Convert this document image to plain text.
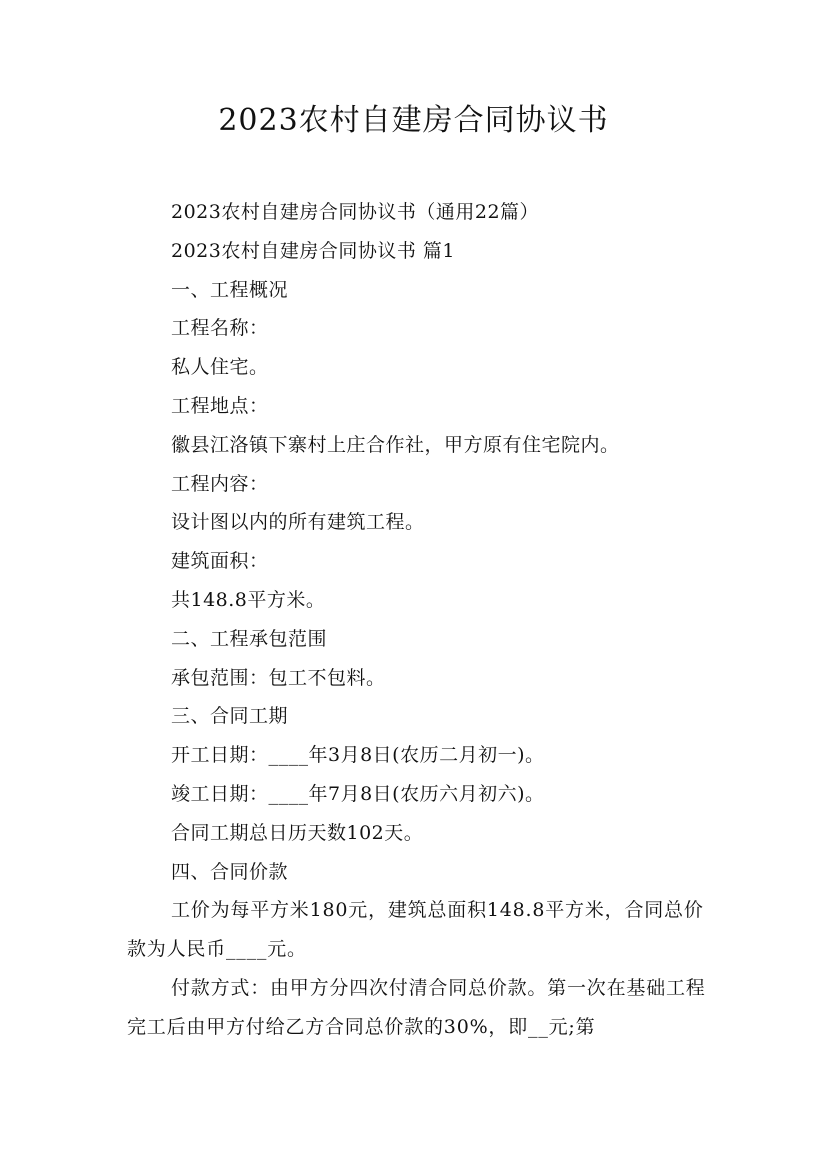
2023农村自建房合同协议书

2023农村自建房合同协议书（通用22篇）

2023农村自建房合同协议书 篇1

一、工程概况

工程名称：

私人住宅。

工程地点：

徽县江洛镇下寨村上庄合作社，甲方原有住宅院内。

工程内容：

设计图以内的所有建筑工程。

建筑面积：

共148.8平方米。

二、工程承包范围

承包范围：包工不包料。

三、合同工期

开工日期：____年3月8日(农历二月初一)。

竣工日期：____年7月8日(农历六月初六)。

合同工期总日历天数102天。

四、合同价款

工价为每平方米180元，建筑总面积148.8平方米，合同总价款为人民币____元。

付款方式：由甲方分四次付清合同总价款。第一次在基础工程完工后由甲方付给乙方合同总价款的30%，即__元;第
